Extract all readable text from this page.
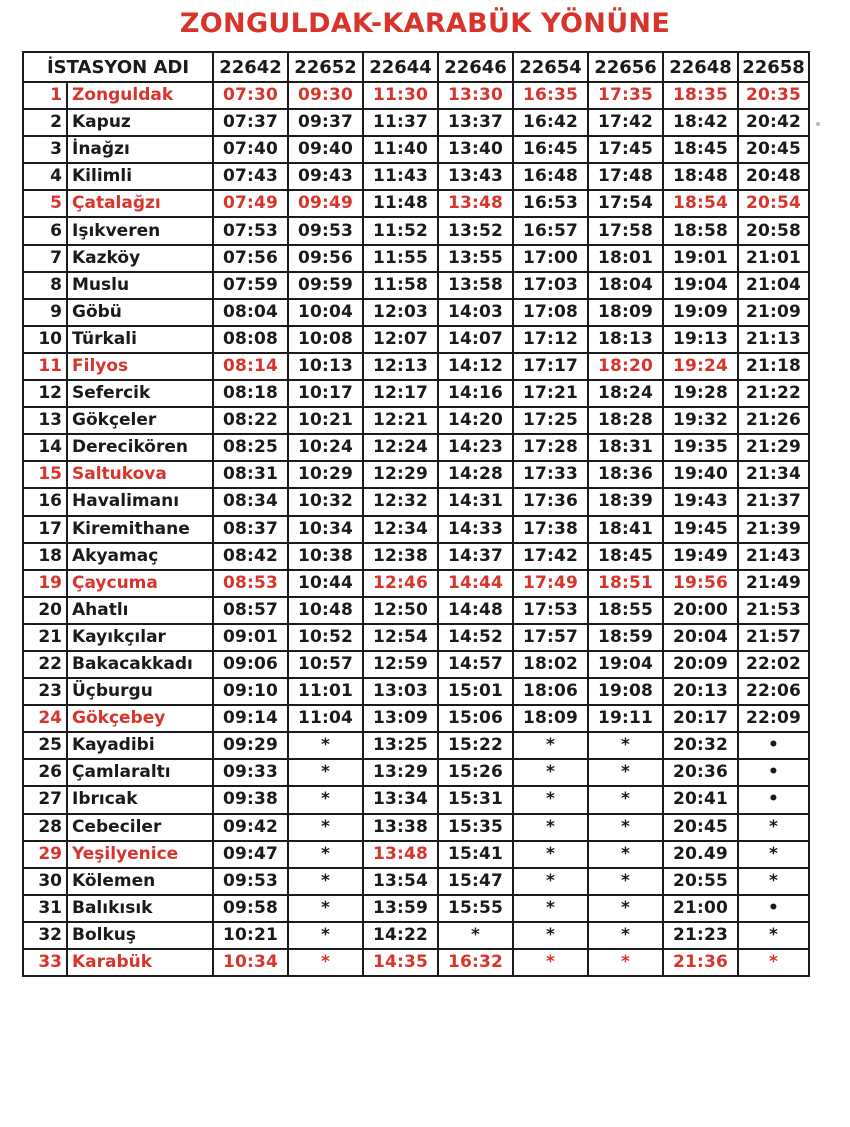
ZONGULDAK-KARABÜK YÖNÜNE
İSTASYON ADI		22642	22652	22644	22646	22654	22656	22648	22658
1	Zonguldak	07:30	09:30	11:30	13:30	16:35	17:35	18:35	20:35
2	Kapuz	07:37	09:37	11:37	13:37	16:42	17:42	18:42	20:42
3	İnağzı	07:40	09:40	11:40	13:40	16:45	17:45	18:45	20:45
4	Kilimli	07:43	09:43	11:43	13:43	16:48	17:48	18:48	20:48
5	Çatalağzı	07:49	09:49	11:48	13:48	16:53	17:54	18:54	20:54
6	Işıkveren	07:53	09:53	11:52	13:52	16:57	17:58	18:58	20:58
7	Kazköy	07:56	09:56	11:55	13:55	17:00	18:01	19:01	21:01
8	Muslu	07:59	09:59	11:58	13:58	17:03	18:04	19:04	21:04
9	Göbü	08:04	10:04	12:03	14:03	17:08	18:09	19:09	21:09
10	Türkali	08:08	10:08	12:07	14:07	17:12	18:13	19:13	21:13
11	Filyos	08:14	10:13	12:13	14:12	17:17	18:20	19:24	21:18
12	Sefercik	08:18	10:17	12:17	14:16	17:21	18:24	19:28	21:22
13	Gökçeler	08:22	10:21	12:21	14:20	17:25	18:28	19:32	21:26
14	Derecikören	08:25	10:24	12:24	14:23	17:28	18:31	19:35	21:29
15	Saltukova	08:31	10:29	12:29	14:28	17:33	18:36	19:40	21:34
16	Havalimanı	08:34	10:32	12:32	14:31	17:36	18:39	19:43	21:37
17	Kiremithane	08:37	10:34	12:34	14:33	17:38	18:41	19:45	21:39
18	Akyamaç	08:42	10:38	12:38	14:37	17:42	18:45	19:49	21:43
19	Çaycuma	08:53	10:44	12:46	14:44	17:49	18:51	19:56	21:49
20	Ahatlı	08:57	10:48	12:50	14:48	17:53	18:55	20:00	21:53
21	Kayıkçılar	09:01	10:52	12:54	14:52	17:57	18:59	20:04	21:57
22	Bakacakkadı	09:06	10:57	12:59	14:57	18:02	19:04	20:09	22:02
23	Üçburgu	09:10	11:01	13:03	15:01	18:06	19:08	20:13	22:06
24	Gökçebey	09:14	11:04	13:09	15:06	18:09	19:11	20:17	22:09
25	Kayadibi	09:29	*	13:25	15:22	*	*	20:32	•
26	Çamlaraltı	09:33	*	13:29	15:26	*	*	20:36	•
27	Ibrıcak	09:38	*	13:34	15:31	*	*	20:41	•
28	Cebeciler	09:42	*	13:38	15:35	*	*	20:45	*
29	Yeşilyenice	09:47	*	13:48	15:41	*	*	20.49	*
30	Kölemen	09:53	*	13:54	15:47	*	*	20:55	*
31	Balıkısık	09:58	*	13:59	15:55	*	*	21:00	•
32	Bolkuş	10:21	*	14:22	*	*	*	21:23	*
33	Karabük	10:34	*	14:35	16:32	*	*	21:36	*
